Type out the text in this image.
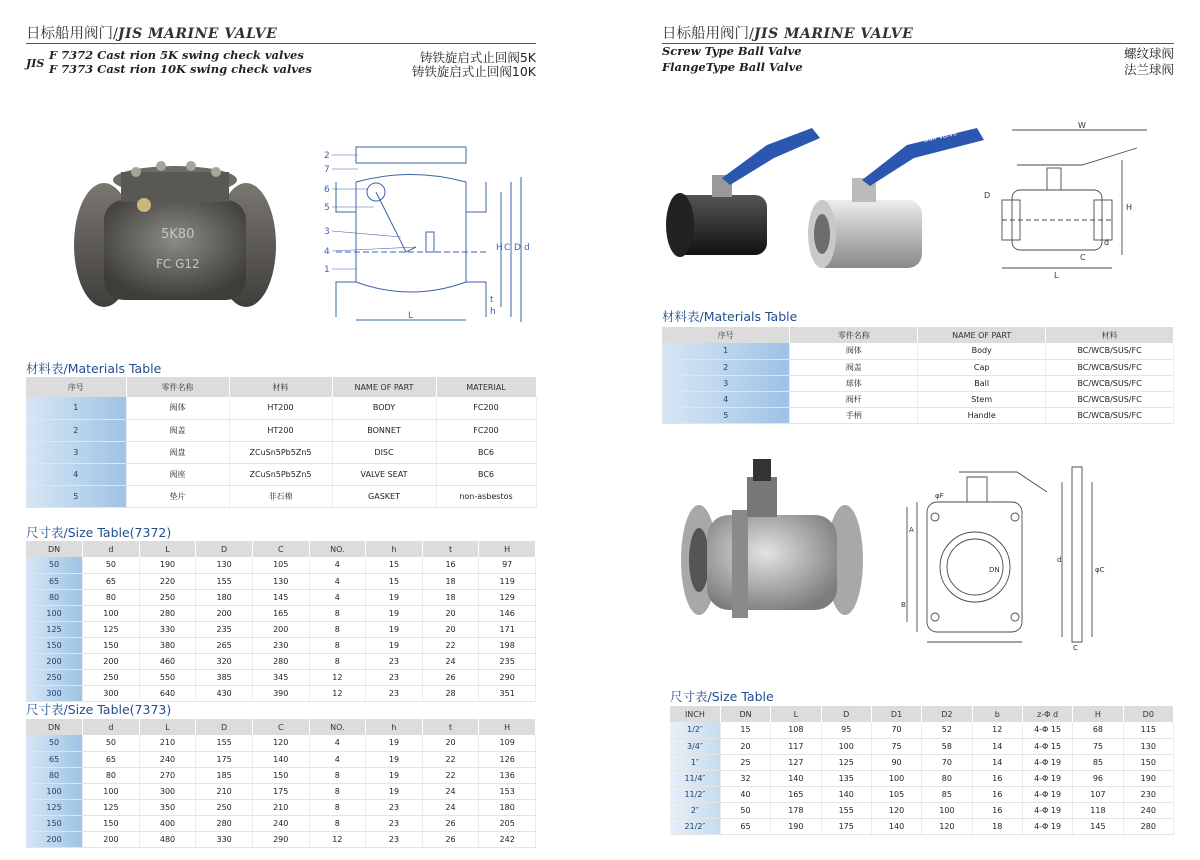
日标船用阀门/JIS MARINE VALVE
JIS
F 7372 Cast rion 5K swing check valves
F 7373 Cast rion 10K swing check valves
铸铁旋启式止回阀5K
铸铁旋启式止回阀10K
5K80
FC G12
2
7
6
5
3
4
1
H C D d
L
t
h
材料表/Materials Table
序号	零件名称	材料	NAME OF PART	MATERIAL
1	阀体	HT200	BODY	FC200
2	阀盖	HT200	BONNET	FC200
3	阀盘	ZCuSn5Pb5Zn5	DISC	BC6
4	阀座	ZCuSn5Pb5Zn5	VALVE SEAT	BC6
5	垫片	非石棉	GASKET	non-asbestos
尺寸表/Size Table(7372)
DN	d	L	D	C	NO.	h	t	H
50	50	190	130	105	4	15	16	97
65	65	220	155	130	4	15	18	119
80	80	250	180	145	4	19	18	129
100	100	280	200	165	8	19	20	146
125	125	330	235	200	8	19	20	171
150	150	380	265	230	8	19	22	198
200	200	460	320	280	8	23	24	235
250	250	550	385	345	12	23	26	290
300	300	640	430	390	12	23	28	351
尺寸表/Size Table(7373)
DN	d	L	D	C	NO.	h	t	H
50	50	210	155	120	4	19	20	109
65	65	240	175	140	4	19	22	126
80	80	270	185	150	8	19	22	136
100	100	300	210	175	8	19	24	153
125	125	350	250	210	8	23	24	180
150	150	400	280	240	8	23	26	205
200	200	480	330	290	12	23	26	242
日标船用阀门/JIS MARINE VALVE
Screw Type Ball Valve
FlangeType Ball Valve
螺纹球阀
法兰球阀
Ball Valve
W
H
D
L
C
d
材料表/Materials Table
序号	零件名称	NAME OF PART	材料
1	阀体	Body	BC/WCB/SUS/FC
2	阀盖	Cap	BC/WCB/SUS/FC
3	球体	Ball	BC/WCB/SUS/FC
4	阀杆	Stem	BC/WCB/SUS/FC
5	手柄	Handle	BC/WCB/SUS/FC
φF
A
B
DN	φC
C
d
尺寸表/Size Table
INCH	DN	L	D	D1	D2	b	z-Φ d	H	D0
1/2″	15	108	95	70	52	12	4-Φ 15	68	115
3/4″	20	117	100	75	58	14	4-Φ 15	75	130
1″	25	127	125	90	70	14	4-Φ 19	85	150
11/4″	32	140	135	100	80	16	4-Φ 19	96	190
11/2″	40	165	140	105	85	16	4-Φ 19	107	230
2″	50	178	155	120	100	16	4-Φ 19	118	240
21/2″	65	190	175	140	120	18	4-Φ 19	145	280
